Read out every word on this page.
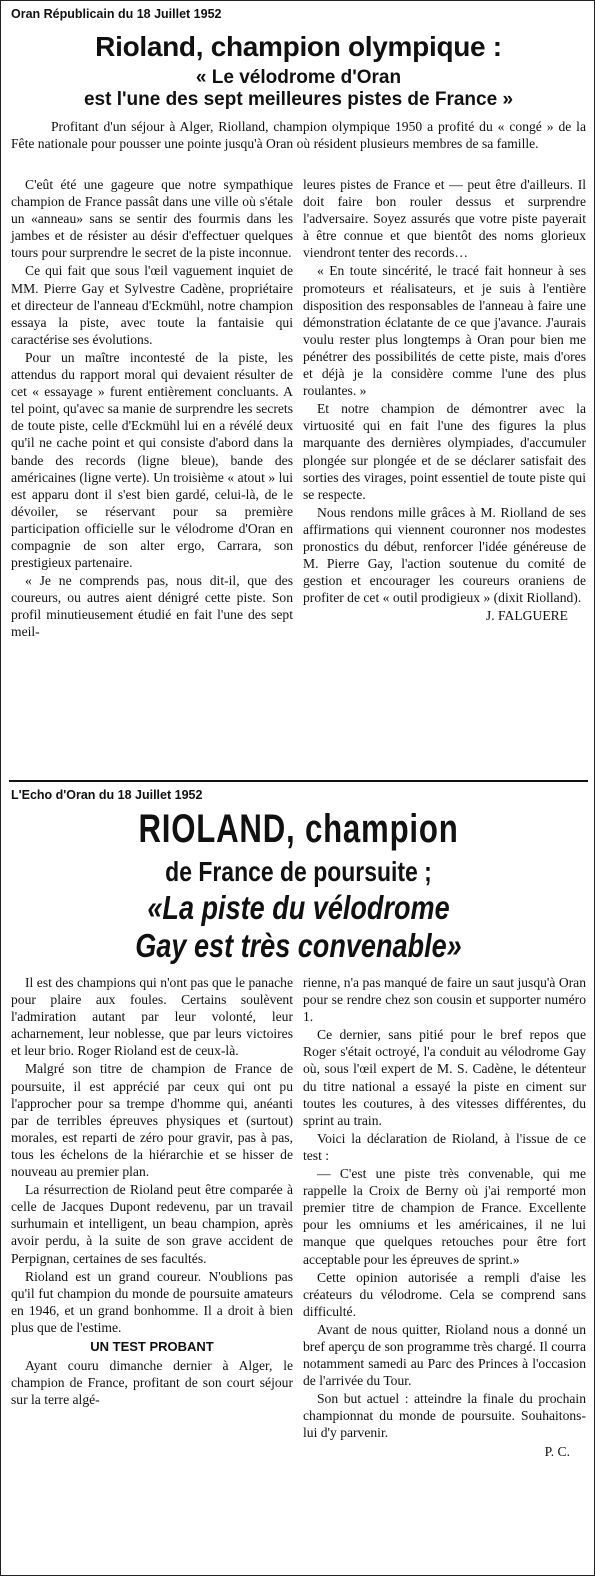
Oran Républicain du 18 Juillet 1952
Rioland, champion olympique :
« Le vélodrome d'Oran
est l'une des sept meilleures pistes de France »

Profitant d'un séjour à Alger, Riolland, champion olympique 1950 a profité du « congé » de la Fête nationale pour pousser une pointe jusqu'à Oran où résident plusieurs membres de sa famille.

C'eût été une gageure que notre sympathique champion de France passât dans une ville où s'étale un «anneau» sans se sentir des fourmis dans les jambes et de résister au désir d'effectuer quelques tours pour surprendre le secret de la piste inconnue.

Ce qui fait que sous l'œil vaguement inquiet de MM. Pierre Gay et Sylvestre Cadène, propriétaire et directeur de l'anneau d'Eckmühl, notre champion essaya la piste, avec toute la fantaisie qui caractérise ses évolutions.

Pour un maître incontesté de la piste, les attendus du rapport moral qui devaient résulter de cet « essayage » furent entièrement concluants. A tel point, qu'avec sa manie de surprendre les secrets de toute piste, celle d'Eckmühl lui en a révélé deux qu'il ne cache point et qui consiste d'abord dans la bande des records (ligne bleue), bande des américaines (ligne verte). Un troisième « atout » lui est apparu dont il s'est bien gardé, celui-là, de le dévoiler, se réservant pour sa première participation officielle sur le vélodrome d'Oran en compagnie de son alter ergo, Carrara, son prestigieux partenaire.

« Je ne comprends pas, nous dit-il, que des coureurs, ou autres aient dénigré cette piste. Son profil minutieusement étudié en fait l'une des sept meil-

leures pistes de France et — peut être d'ailleurs. Il doit faire bon rouler dessus et surprendre l'adversaire. Soyez assurés que votre piste payerait à être connue et que bientôt des noms glorieux viendront tenter des records…

« En toute sincérité, le tracé fait honneur à ses promoteurs et réalisateurs, et je suis à l'entière disposition des responsables de l'anneau à faire une démonstration éclatante de ce que j'avance. J'aurais voulu rester plus longtemps à Oran pour bien me pénétrer des possibilités de cette piste, mais d'ores et déjà je la considère comme l'une des plus roulantes. »

Et notre champion de démontrer avec la virtuosité qui en fait l'une des figures la plus marquante des dernières olympiades, d'accumuler plongée sur plongée et de se déclarer satisfait des sorties des virages, point essentiel de toute piste qui se respecte.

Nous rendons mille grâces à M. Riolland de ses affirmations qui viennent couronner nos modestes pronostics du début, renforcer l'idée généreuse de M. Pierre Gay, l'action soutenue du comité de gestion et encourager les coureurs oraniens de profiter de cet « outil prodigieux » (dixit Riolland).

J. FALGUERE

L'Echo d'Oran du 18 Juillet 1952
RIOLAND, champion
de France de poursuite ;
«La piste du vélodrome
Gay est très convenable»

Il est des champions qui n'ont pas que le panache pour plaire aux foules. Certains soulèvent l'admiration autant par leur volonté, leur acharnement, leur noblesse, que par leurs victoires et leur brio. Roger Rioland est de ceux-là.

Malgré son titre de champion de France de poursuite, il est apprécié par ceux qui ont pu l'approcher pour sa trempe d'homme qui, anéanti par de terribles épreuves physiques et (surtout) morales, est reparti de zéro pour gravir, pas à pas, tous les échelons de la hiérarchie et se hisser de nouveau au premier plan.

La résurrection de Rioland peut être comparée à celle de Jacques Dupont redevenu, par un travail surhumain et intelligent, un beau champion, après avoir perdu, à la suite de son grave accident de Perpignan, certaines de ses facultés.

Rioland est un grand coureur. N'oublions pas qu'il fut champion du monde de poursuite amateurs en 1946, et un grand bonhomme. Il a droit à bien plus que de l'estime.

UN TEST PROBANT

Ayant couru dimanche dernier à Alger, le champion de France, profitant de son court séjour sur la terre algé-

rienne, n'a pas manqué de faire un saut jusqu'à Oran pour se rendre chez son cousin et supporter numéro 1.

Ce dernier, sans pitié pour le bref repos que Roger s'était octroyé, l'a conduit au vélodrome Gay où, sous l'œil expert de M. S. Cadène, le détenteur du titre national a essayé la piste en ciment sur toutes les coutures, à des vitesses différentes, du sprint au train.

Voici la déclaration de Rioland, à l'issue de ce test :

— C'est une piste très convenable, qui me rappelle la Croix de Berny où j'ai remporté mon premier titre de champion de France. Excellente pour les omniums et les américaines, il ne lui manque que quelques retouches pour être fort acceptable pour les épreuves de sprint.»

Cette opinion autorisée a rempli d'aise les créateurs du vélodrome. Cela se comprend sans difficulté.

Avant de nous quitter, Rioland nous a donné un bref aperçu de son programme très chargé. Il courra notamment samedi au Parc des Princes à l'occasion de l'arrivée du Tour.

Son but actuel : atteindre la finale du prochain championnat du monde de poursuite. Souhaitons-lui d'y parvenir.

P. C.
